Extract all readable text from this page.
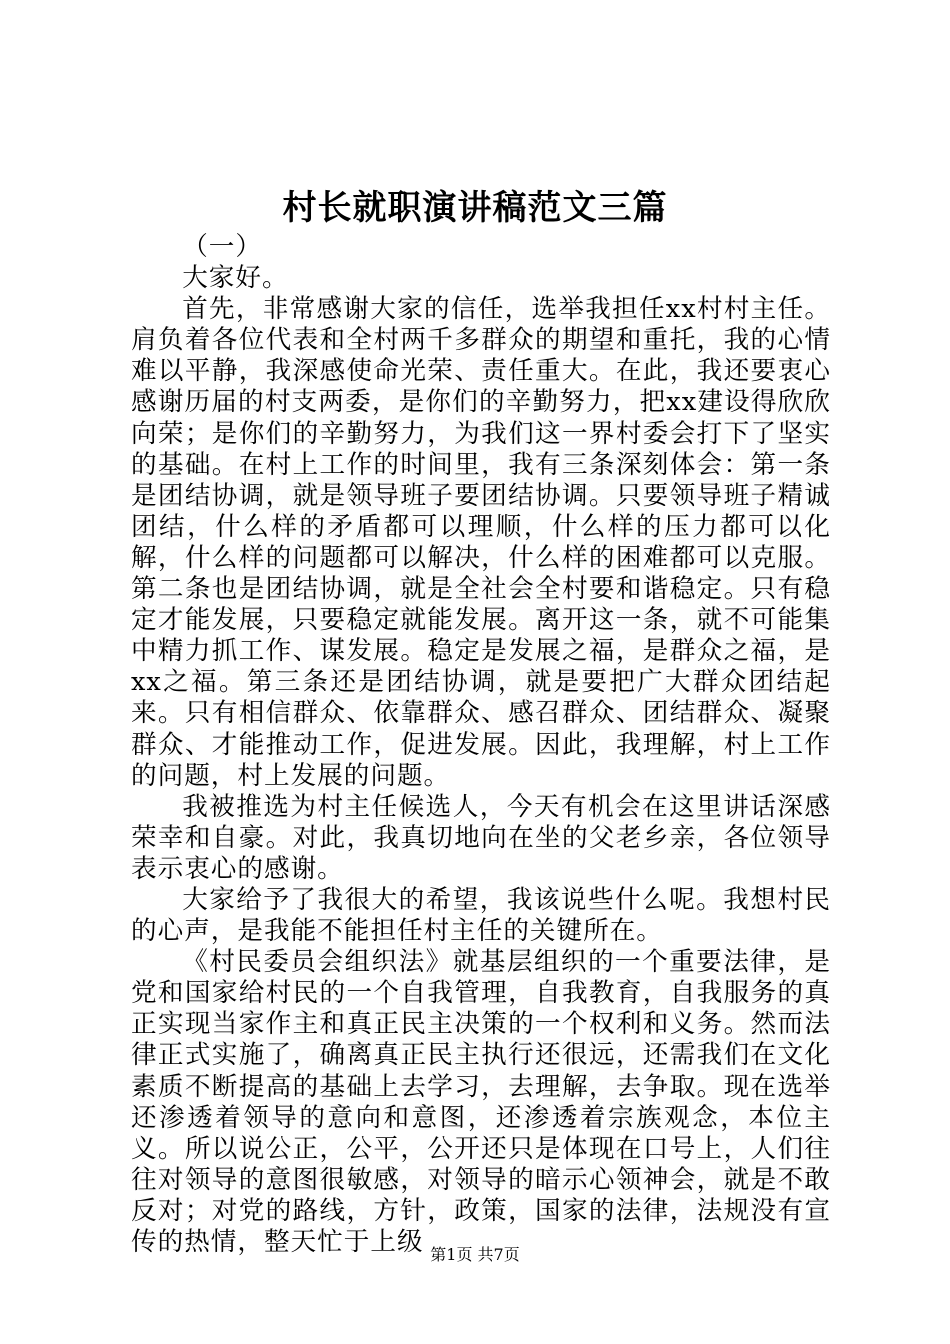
村长就职演讲稿范文三篇

（一）

大家好。

首先，非常感谢大家的信任，选举我担任xx村村主任。肩负着各位代表和全村两千多群众的期望和重托，我的心情难以平静，我深感使命光荣、责任重大。在此，我还要衷心感谢历届的村支两委，是你们的辛勤努力，把xx建设得欣欣向荣；是你们的辛勤努力，为我们这一界村委会打下了坚实的基础。在村上工作的时间里，我有三条深刻体会：第一条是团结协调，就是领导班子要团结协调。只要领导班子精诚团结，什么样的矛盾都可以理顺，什么样的压力都可以化解，什么样的问题都可以解决，什么样的困难都可以克服。第二条也是团结协调，就是全社会全村要和谐稳定。只有稳定才能发展，只要稳定就能发展。离开这一条，就不可能集中精力抓工作、谋发展。稳定是发展之福，是群众之福，是xx之福。第三条还是团结协调，就是要把广大群众团结起来。只有相信群众、依靠群众、感召群众、团结群众、凝聚群众、才能推动工作，促进发展。因此，我理解，村上工作的问题，村上发展的问题。

我被推选为村主任候选人，今天有机会在这里讲话深感荣幸和自豪。对此，我真切地向在坐的父老乡亲，各位领导表示衷心的感谢。

大家给予了我很大的希望，我该说些什么呢。我想村民的心声，是我能不能担任村主任的关键所在。

《村民委员会组织法》就基层组织的一个重要法律，是党和国家给村民的一个自我管理，自我教育，自我服务的真正实现当家作主和真正民主决策的一个权利和义务。然而法律正式实施了，确离真正民主执行还很远，还需我们在文化素质不断提高的基础上去学习，去理解，去争取。现在选举还渗透着领导的意向和意图，还渗透着宗族观念，本位主义。所以说公正，公平，公开还只是体现在口号上，人们往往对领导的意图很敏感，对领导的暗示心领神会，就是不敢反对；对党的路线，方针，政策，国家的法律，法规没有宣传的热情，整天忙于上级 第1页 共7页
